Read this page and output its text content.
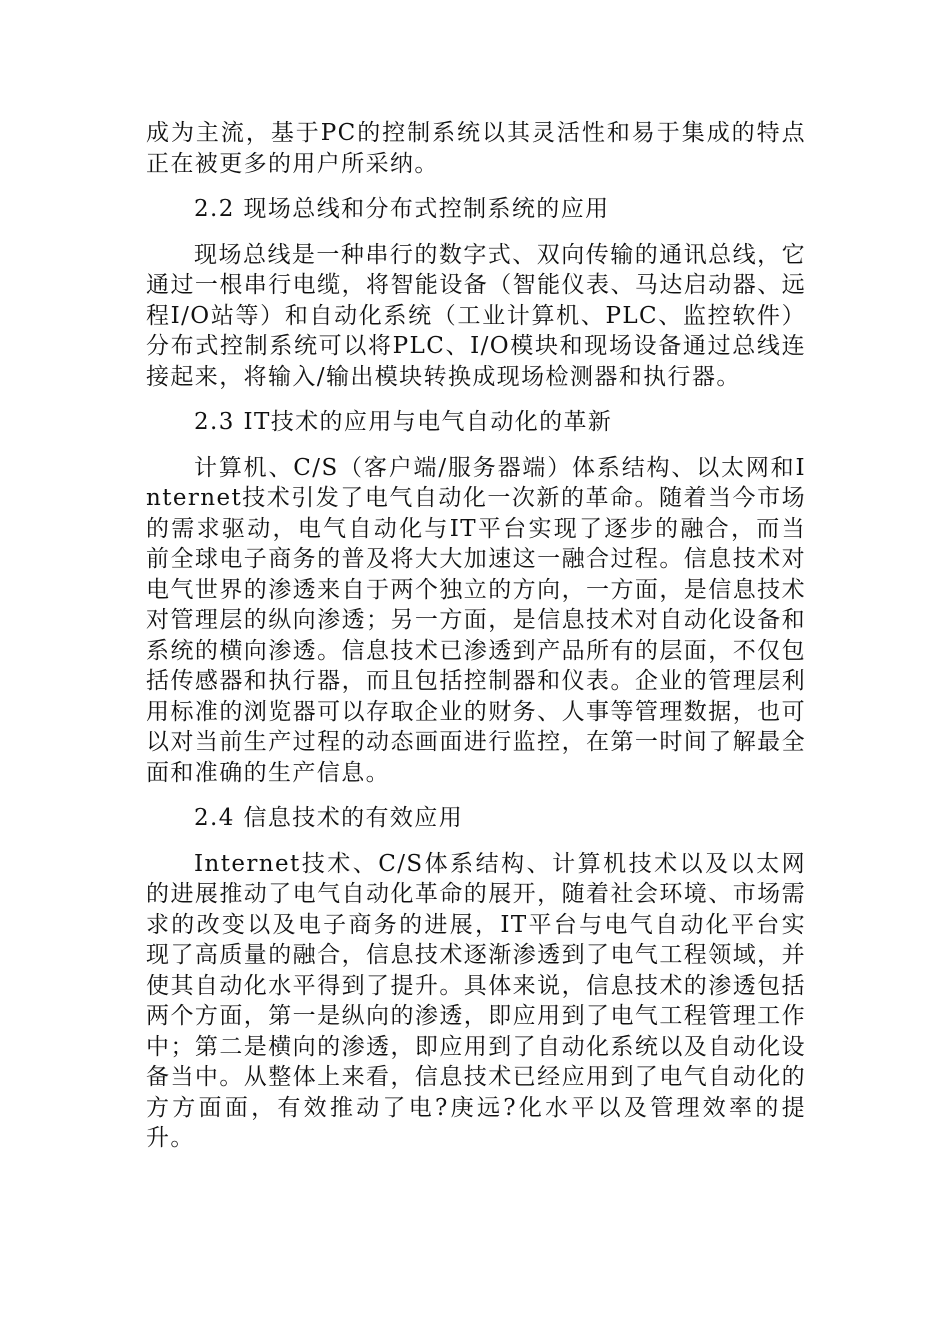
成为主流，基于PC的控制系统以其灵活性和易于集成的特点正在被更多的用户所采纳。

2.2 现场总线和分布式控制系统的应用

现场总线是一种串行的数字式、双向传输的通讯总线，它通过一根串行电缆，将智能设备（智能仪表、马达启动器、远程I/O站等）和自动化系统（工业计算机、PLC、监控软件）分布式控制系统可以将PLC、I/O模块和现场设备通过总线连接起来，将输入/输出模块转换成现场检测器和执行器。

2.3 IT技术的应用与电气自动化的革新

计算机、C/S（客户端/服务器端）体系结构、以太网和Internet技术引发了电气自动化一次新的革命。随着当今市场的需求驱动，电气自动化与IT平台实现了逐步的融合，而当前全球电子商务的普及将大大加速这一融合过程。信息技术对电气世界的渗透来自于两个独立的方向，一方面，是信息技术对管理层的纵向渗透；另一方面，是信息技术对自动化设备和系统的横向渗透。信息技术已渗透到产品所有的层面，不仅包括传感器和执行器，而且包括控制器和仪表。企业的管理层利用标准的浏览器可以存取企业的财务、人事等管理数据，也可以对当前生产过程的动态画面进行监控，在第一时间了解最全面和准确的生产信息。

2.4 信息技术的有效应用

Internet技术、C/S体系结构、计算机技术以及以太网的进展推动了电气自动化革命的展开，随着社会环境、市场需求的改变以及电子商务的进展，IT平台与电气自动化平台实现了高质量的融合，信息技术逐渐渗透到了电气工程领域，并使其自动化水平得到了提升。具体来说，信息技术的渗透包括两个方面，第一是纵向的渗透，即应用到了电气工程管理工作中；第二是横向的渗透，即应用到了自动化系统以及自动化设备当中。从整体上来看，信息技术已经应用到了电气自动化的方方面面，有效推动了电?庚远?化水平以及管理效率的提升。
